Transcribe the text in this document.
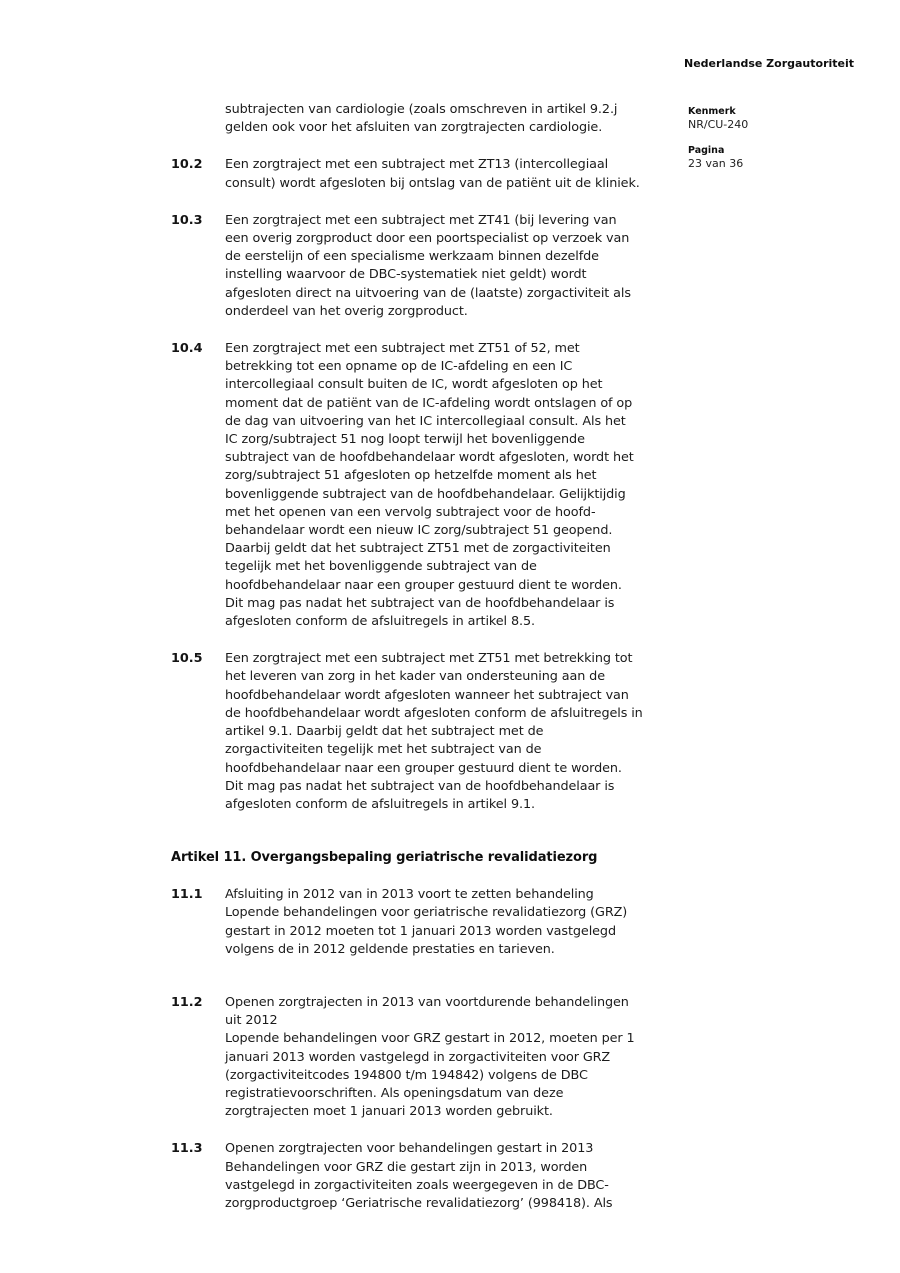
Nederlandse Zorgautoriteit
Kenmerk
NR/CU-240
Pagina
23 van 36
subtrajecten van cardiologie (zoals omschreven in artikel 9.2.j
gelden ook voor het afsluiten van zorgtrajecten cardiologie.
10.2	Een zorgtraject met een subtraject met ZT13 (intercollegiaal
consult) wordt afgesloten bij ontslag van de patiënt uit de kliniek.
10.3	Een zorgtraject met een subtraject met ZT41 (bij levering van
een overig zorgproduct door een poortspecialist op verzoek van
de eerstelijn of een specialisme werkzaam binnen dezelfde
instelling waarvoor de DBC-systematiek niet geldt) wordt
afgesloten direct na uitvoering van de (laatste) zorgactiviteit als
onderdeel van het overig zorgproduct.
10.4	Een zorgtraject met een subtraject met ZT51 of 52, met
betrekking tot een opname op de IC-afdeling en een IC
intercollegiaal consult buiten de IC, wordt afgesloten op het
moment dat de patiënt van de IC-afdeling wordt ontslagen of op
de dag van uitvoering van het IC intercollegiaal consult. Als het
IC zorg/subtraject 51 nog loopt terwijl het bovenliggende
subtraject van de hoofdbehandelaar wordt afgesloten, wordt het
zorg/subtraject 51 afgesloten op hetzelfde moment als het
bovenliggende subtraject van de hoofdbehandelaar. Gelijktijdig
met het openen van een vervolg subtraject voor de hoofd-
behandelaar wordt een nieuw IC zorg/subtraject 51 geopend.
Daarbij geldt dat het subtraject ZT51 met de zorgactiviteiten
tegelijk met het bovenliggende subtraject van de
hoofdbehandelaar naar een grouper gestuurd dient te worden.
Dit mag pas nadat het subtraject van de hoofdbehandelaar is
afgesloten conform de afsluitregels in artikel 8.5.
10.5	Een zorgtraject met een subtraject met ZT51 met betrekking tot
het leveren van zorg in het kader van ondersteuning aan de
hoofdbehandelaar wordt afgesloten wanneer het subtraject van
de hoofdbehandelaar wordt afgesloten conform de afsluitregels in
artikel 9.1. Daarbij geldt dat het subtraject met de
zorgactiviteiten tegelijk met het subtraject van de
hoofdbehandelaar naar een grouper gestuurd dient te worden.
Dit mag pas nadat het subtraject van de hoofdbehandelaar is
afgesloten conform de afsluitregels in artikel 9.1.
Artikel 11. Overgangsbepaling geriatrische revalidatiezorg
11.1	Afsluiting in 2012 van in 2013 voort te zetten behandeling
Lopende behandelingen voor geriatrische revalidatiezorg (GRZ)
gestart in 2012 moeten tot 1 januari 2013 worden vastgelegd
volgens de in 2012 geldende prestaties en tarieven.
11.2	Openen zorgtrajecten in 2013 van voortdurende behandelingen
uit 2012
Lopende behandelingen voor GRZ gestart in 2012, moeten per 1
januari 2013 worden vastgelegd in zorgactiviteiten voor GRZ
(zorgactiviteitcodes 194800 t/m 194842) volgens de DBC
registratievoorschriften. Als openingsdatum van deze
zorgtrajecten moet 1 januari 2013 worden gebruikt.
11.3	Openen zorgtrajecten voor behandelingen gestart in 2013
Behandelingen voor GRZ die gestart zijn in 2013, worden
vastgelegd in zorgactiviteiten zoals weergegeven in de DBC-
zorgproductgroep ‘Geriatrische revalidatiezorg’ (998418). Als
